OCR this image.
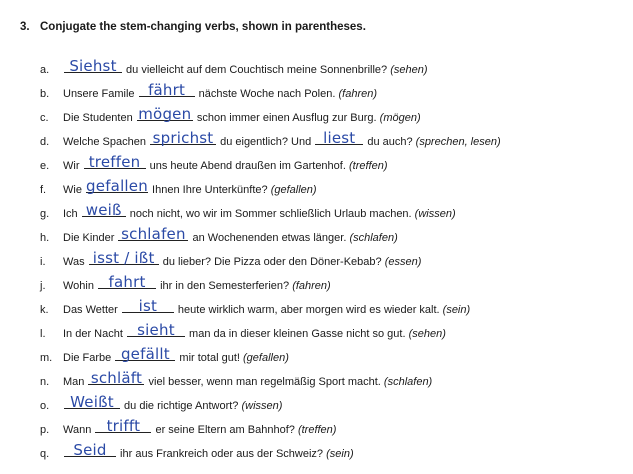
3. Conjugate the stem-changing verbs, shown in parentheses.
a.	Siehst du vielleicht auf dem Couchtisch meine Sonnenbrille? (sehen)
b. Unsere Famile fährt nächste Woche nach Polen. (fahren)
c. Die Studenten mögen schon immer einen Ausflug zur Burg. (mögen)
d. Welche Spachen sprichst du eigentlich? Und liest du auch? (sprechen, lesen)
e. Wir treffen uns heute Abend draußen im Gartenhof. (treffen)
f. Wie gefallen Ihnen Ihre Unterkünfte? (gefallen)
g. Ich weiß noch nicht, wo wir im Sommer schließlich Urlaub machen. (wissen)
h. Die Kinder schlafen an Wochenenden etwas länger. (schlafen)
i. Was isst / ißt du lieber? Die Pizza oder den Döner-Kebab? (essen)
j. Wohin fahrt	ihr in den Semesterferien? (fahren)
k. Das Wetter	ist	heute wirklich warm, aber morgen wird es wieder kalt. (sein)
l. In der Nacht sieht	man da in dieser kleinen Gasse nicht so gut. (sehen)
m. Die Farbe gefällt mir total gut! (gefallen)
n. Man schläft viel besser, wenn man regelmäßig Sport macht. (schlafen)
o.	Weißt du die richtige Antwort? (wissen)
p. Wann trifft	er seine Eltern am Bahnhof? (treffen)
q.	Seid ihr aus Frankreich oder aus der Schweiz? (sein)
